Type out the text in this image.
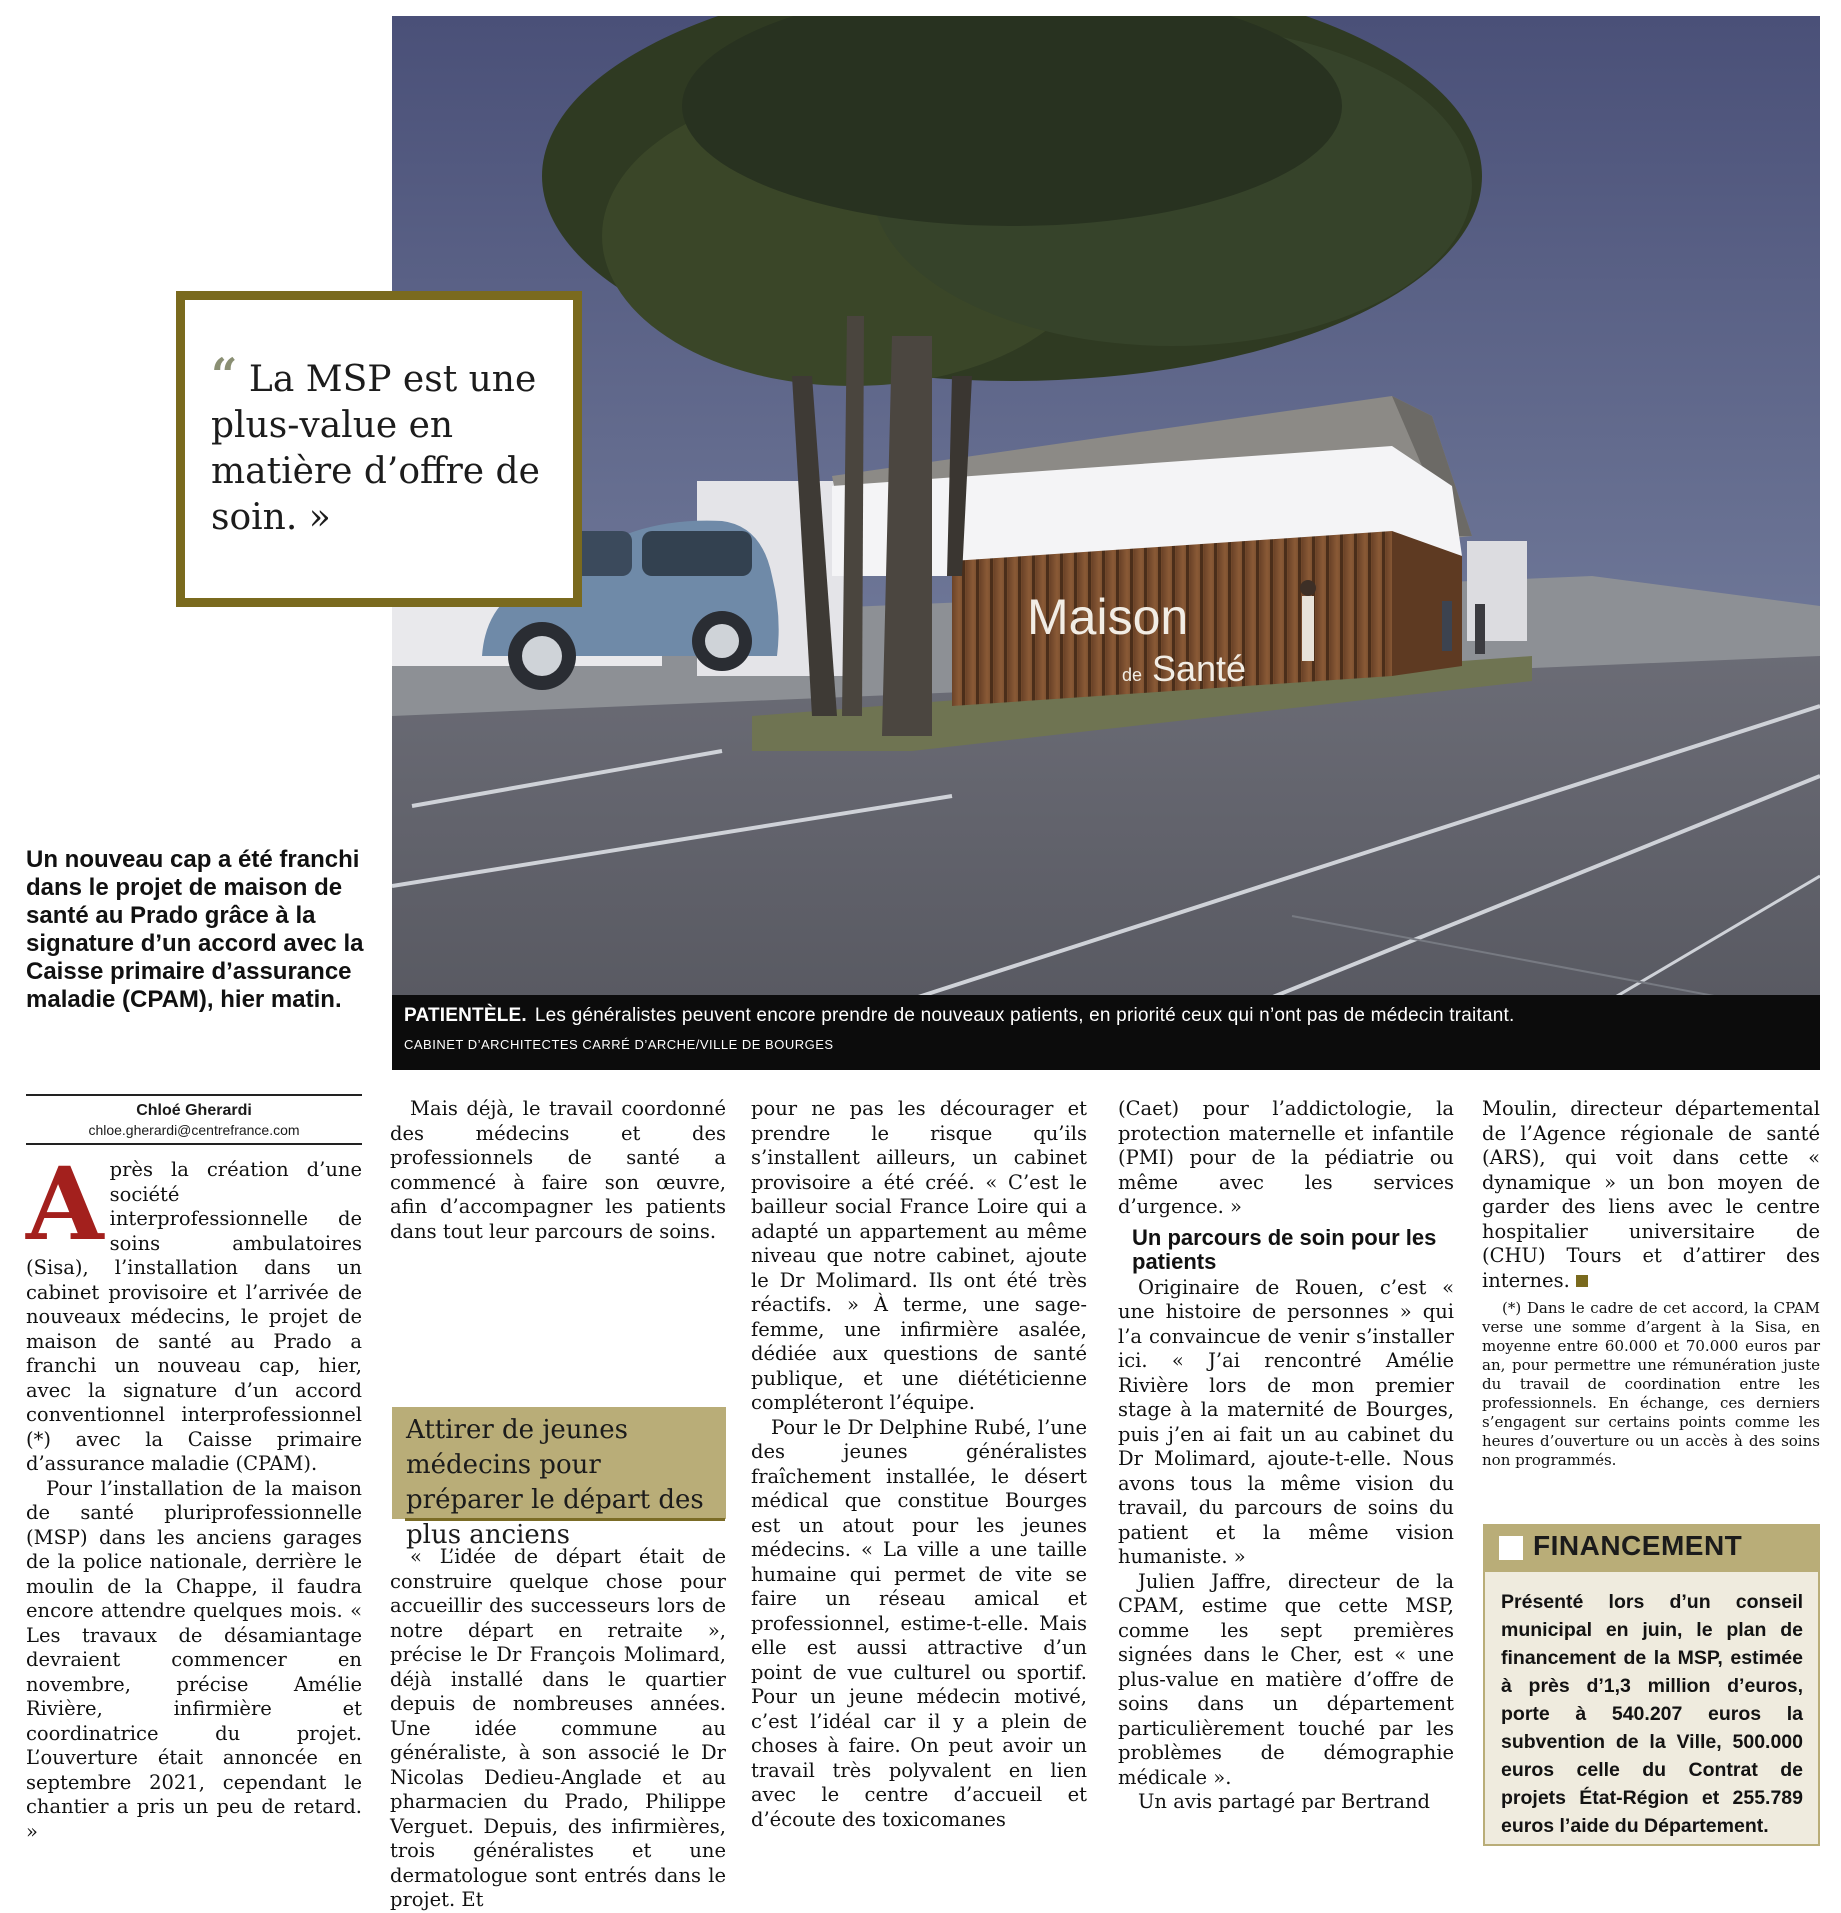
Maison
de Santé
PATIENTÈLE. Les généralistes peuvent encore prendre de nouveaux patients, en priorité ceux qui n’ont pas de médecin traitant.
CABINET D’ARCHITECTES CARRÉ D’ARCHE/VILLE DE BOURGES
“ La MSP est une plus-value en matière d’offre de soin. »
Un nouveau cap a été franchi dans le projet de maison de santé au Prado grâce à la signature d’un accord avec la Caisse primaire d’assurance maladie (CPAM), hier matin.
Chloé Gherardi
chloe.gherardi@centrefrance.com
A près la création d’une société interprofessionnelle de soins ambulatoires (Sisa), l’installation dans un cabinet provisoire et l’arrivée de nouveaux médecins, le projet de maison de santé au Prado a franchi un nouveau cap, hier, avec la signature d’un accord conventionnel interprofessionnel (*) avec la Caisse primaire d’assurance maladie (CPAM).

Pour l’installation de la maison de santé pluriprofessionnelle (MSP) dans les anciens garages de la police nationale, derrière le moulin de la Chappe, il faudra encore attendre quelques mois. « Les travaux de désamiantage devraient commencer en novembre, précise Amélie Rivière, infirmière et coordinatrice du projet. L’ouverture était annoncée en septembre 2021, cependant le chantier a pris un peu de retard. »

Mais déjà, le travail coordonné des médecins et des professionnels de santé a commencé à faire son œuvre, afin d’accompagner les patients dans tout leur parcours de soins.

Attirer de jeunes médecins pour préparer le départ des plus anciens

« L’idée de départ était de construire quelque chose pour accueillir des successeurs lors de notre départ en retraite », précise le Dr François Molimard, déjà installé dans le quartier depuis de nombreuses années. Une idée commune au généraliste, à son associé le Dr Nicolas Dedieu-Anglade et au pharmacien du Prado, Philippe Verguet. Depuis, des infirmières, trois généralistes et une dermatologue sont entrés dans le projet. Et

pour ne pas les décourager et prendre le risque qu’ils s’installent ailleurs, un cabinet provisoire a été créé. « C’est le bailleur social France Loire qui a adapté un appartement au même niveau que notre cabinet, ajoute le Dr Molimard. Ils ont été très réactifs. » À terme, une sage-femme, une infirmière asalée, dédiée aux questions de santé publique, et une diététicienne compléteront l’équipe.

Pour le Dr Delphine Rubé, l’une des jeunes généralistes fraîchement installée, le désert médical que constitue Bourges est un atout pour les jeunes médecins. « La ville a une taille humaine qui permet de vite se faire un réseau amical et professionnel, estime-t-elle. Mais elle est aussi attractive d’un point de vue culturel ou sportif. Pour un jeune médecin motivé, c’est l’idéal car il y a plein de choses à faire. On peut avoir un travail très polyvalent en lien avec le centre d’accueil et d’écoute des toxicomanes

(Caet) pour l’addictologie, la protection maternelle et infantile (PMI) pour de la pédiatrie ou même avec les services d’urgence. »

Un parcours de soin pour les patients

Originaire de Rouen, c’est « une histoire de personnes » qui l’a convaincue de venir s’installer ici. « J’ai rencontré Amélie Rivière lors de mon premier stage à la maternité de Bourges, puis j’en ai fait un au cabinet du Dr Molimard, ajoute-t-elle. Nous avons tous la même vision du travail, du parcours de soins du patient et la même vision humaniste. »

Julien Jaffre, directeur de la CPAM, estime que cette MSP, comme les sept premières signées dans le Cher, est « une plus-value en matière d’offre de soins dans un département particulièrement touché par les problèmes de démographie médicale ».

Un avis partagé par Bertrand

Moulin, directeur départemental de l’Agence régionale de santé (ARS), qui voit dans cette « dynamique » un bon moyen de garder des liens avec le centre hospitalier universitaire de (CHU) Tours et d’attirer des internes.

(*) Dans le cadre de cet accord, la CPAM verse une somme d’argent à la Sisa, en moyenne entre 60.000 et 70.000 euros par an, pour permettre une rémunération juste du travail de coordination entre les professionnels. En échange, ces derniers s’engagent sur certains points comme les heures d’ouverture ou un accès à des soins non programmés.

FINANCEMENT
Présenté lors d’un conseil municipal en juin, le plan de financement de la MSP, estimée à près d’1,3 million d’euros, porte à 540.207 euros la subvention de la Ville, 500.000 euros celle du Contrat de projets État-Région et 255.789 euros l’aide du Département.
